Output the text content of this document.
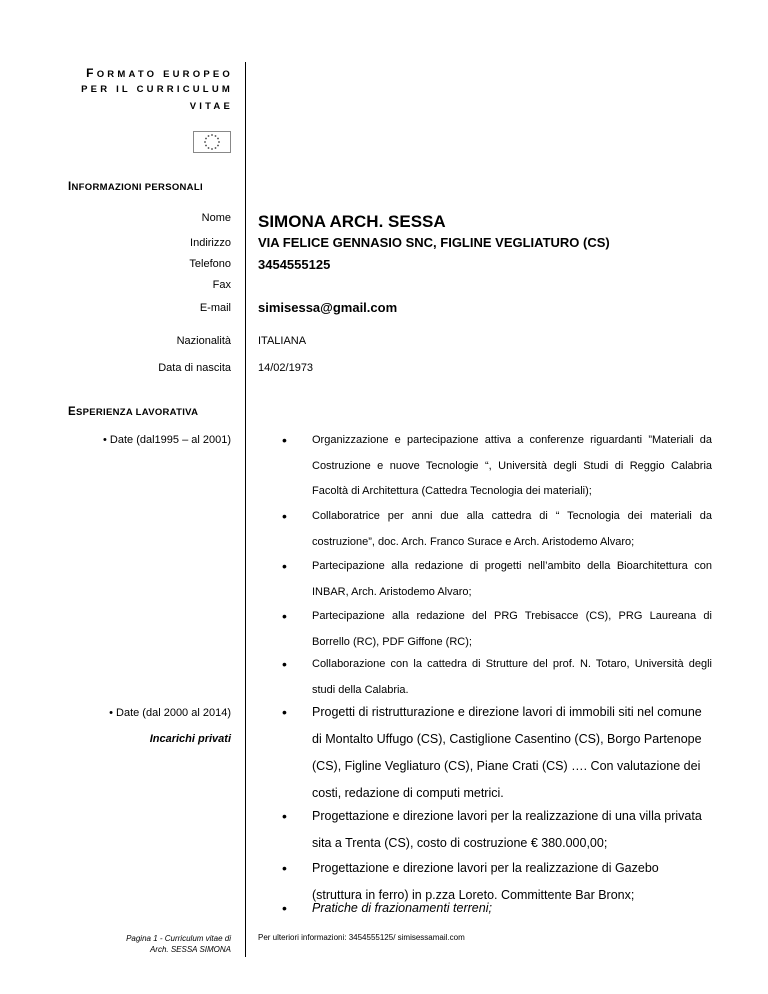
FORMATO EUROPEO
PER IL CURRICULUM
VITAE
INFORMAZIONI PERSONALI
Nome SIMONA ARCH. SESSA
Indirizzo VIA FELICE GENNASIO SNC, FIGLINE VEGLIATURO (CS)
Telefono 3454555125
Fax
E-mail simisessa@gmail.com
Nazionalità ITALIANA
Data di nascita 14/02/1973
ESPERIENZA LAVORATIVA
• Date (dal1995 – al 2001)	• Organizzazione e partecipazione attiva a conferenze riguardanti ”Materiali da Costruzione e nuove Tecnologie “, Università degli Studi di Reggio Calabria Facoltà di Architettura (Cattedra Tecnologia dei materiali);
• Collaboratrice per anni due alla cattedra di “ Tecnologia dei materiali da costruzione”, doc. Arch. Franco Surace e Arch. Aristodemo Alvaro;
• Partecipazione alla redazione di progetti nell’ambito della Bioarchitettura con INBAR, Arch. Aristodemo Alvaro;
• Partecipazione alla redazione del PRG Trebisacce (CS), PRG Laureana di Borrello (RC), PDF Giffone (RC);
• Collaborazione con la cattedra di Strutture del prof. N. Totaro, Università degli studi della Calabria.
• Date (dal 2000 al 2014)
Incarichi privati
• Progetti di ristrutturazione e direzione lavori di immobili siti nel comune di Montalto Uffugo (CS), Castiglione Casentino (CS), Borgo Partenope (CS), Figline Vegliaturo (CS), Piane Crati (CS) …. Con valutazione dei costi, redazione di computi metrici.
• Progettazione e direzione lavori per la realizzazione di una villa privata sita a Trenta (CS), costo di costruzione € 380.000,00;
• Progettazione e direzione lavori per la realizzazione di Gazebo (struttura in ferro) in p.zza Loreto. Committente Bar Bronx;
• Pratiche di frazionamenti terreni;
Pagina 1 - Curriculum vitae di
Arch. SESSA SIMONA
Per ulteriori informazioni: 3454555125/ simisessamail.com
